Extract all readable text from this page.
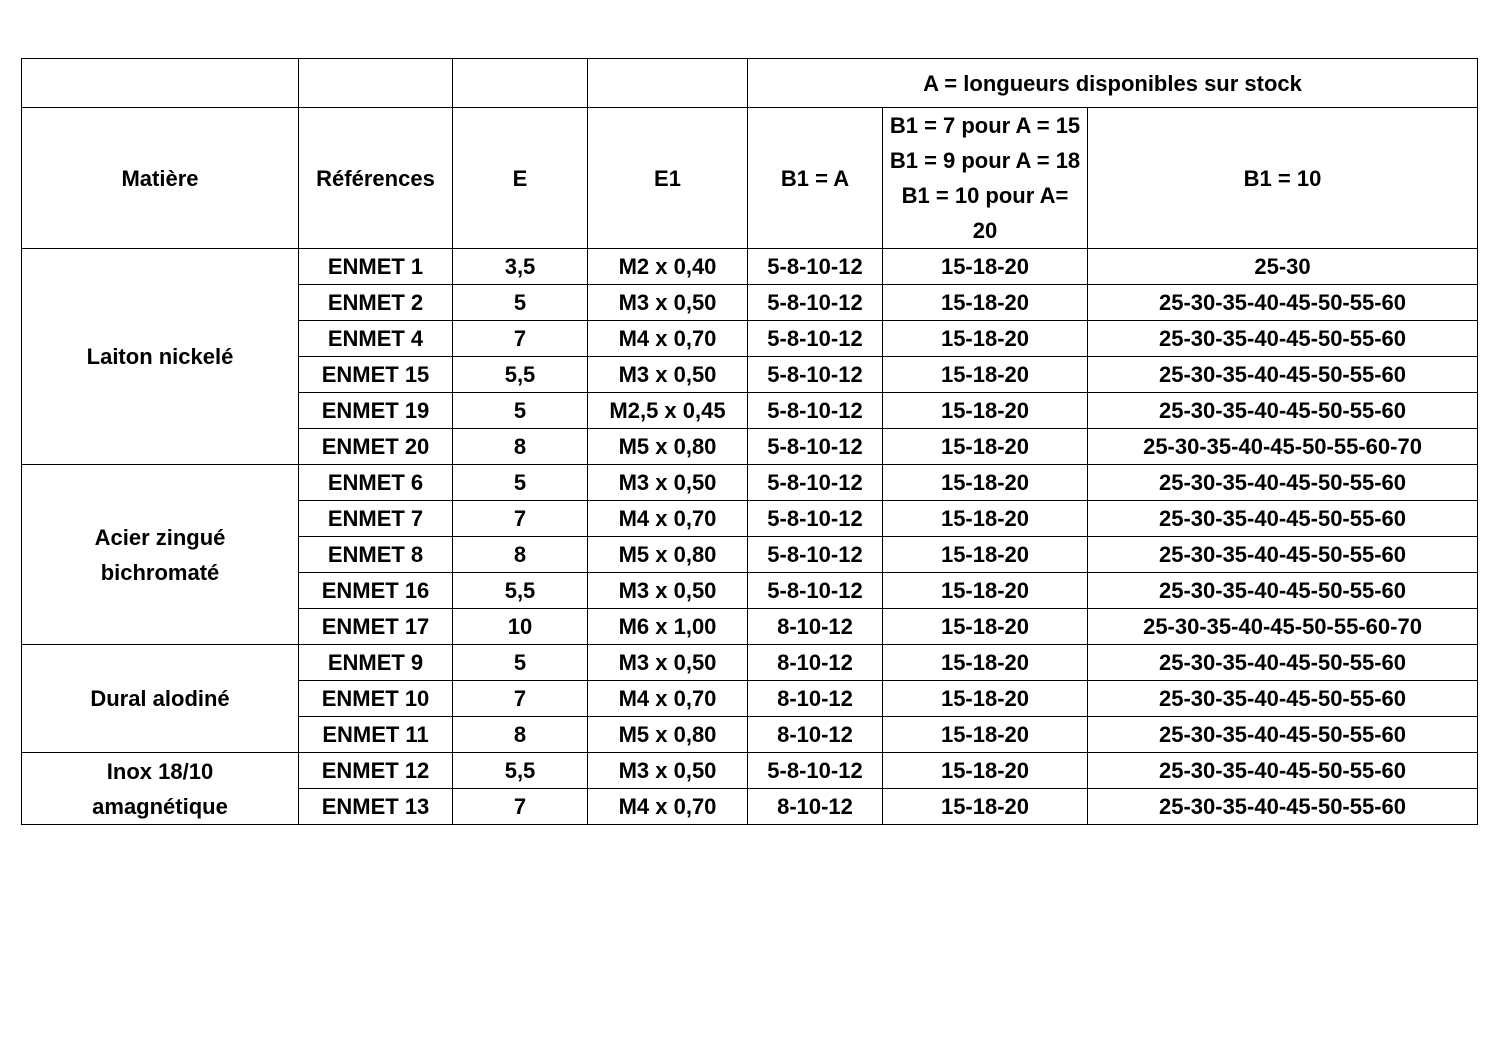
				A = longueurs disponibles sur stock		
Matière	Références	E	E1	B1 = A	B1 = 7 pour A = 15 B1 = 9 pour A = 18 B1 = 10 pour A= 20	B1 = 10
Laiton nickelé	ENMET 1	3,5	M2 x 0,40	5-8-10-12	15-18-20	25-30
	ENMET 2	5	M3 x 0,50	5-8-10-12	15-18-20	25-30-35-40-45-50-55-60
	ENMET 4	7	M4 x 0,70	5-8-10-12	15-18-20	25-30-35-40-45-50-55-60
	ENMET 15	5,5	M3 x 0,50	5-8-10-12	15-18-20	25-30-35-40-45-50-55-60
	ENMET 19	5	M2,5 x 0,45	5-8-10-12	15-18-20	25-30-35-40-45-50-55-60
	ENMET 20	8	M5 x 0,80	5-8-10-12	15-18-20	25-30-35-40-45-50-55-60-70
Acier zingué bichromaté	ENMET 6	5	M3 x 0,50	5-8-10-12	15-18-20	25-30-35-40-45-50-55-60
	ENMET 7	7	M4 x 0,70	5-8-10-12	15-18-20	25-30-35-40-45-50-55-60
	ENMET 8	8	M5 x 0,80	5-8-10-12	15-18-20	25-30-35-40-45-50-55-60
	ENMET 16	5,5	M3 x 0,50	5-8-10-12	15-18-20	25-30-35-40-45-50-55-60
	ENMET 17	10	M6 x 1,00	8-10-12	15-18-20	25-30-35-40-45-50-55-60-70
Dural alodiné	ENMET 9	5	M3 x 0,50	8-10-12	15-18-20	25-30-35-40-45-50-55-60
	ENMET 10	7	M4 x 0,70	8-10-12	15-18-20	25-30-35-40-45-50-55-60
	ENMET 11	8	M5 x 0,80	8-10-12	15-18-20	25-30-35-40-45-50-55-60
Inox 18/10 amagnétique	ENMET 12	5,5	M3 x 0,50	5-8-10-12	15-18-20	25-30-35-40-45-50-55-60
	ENMET 13	7	M4 x 0,70	8-10-12	15-18-20	25-30-35-40-45-50-55-60
